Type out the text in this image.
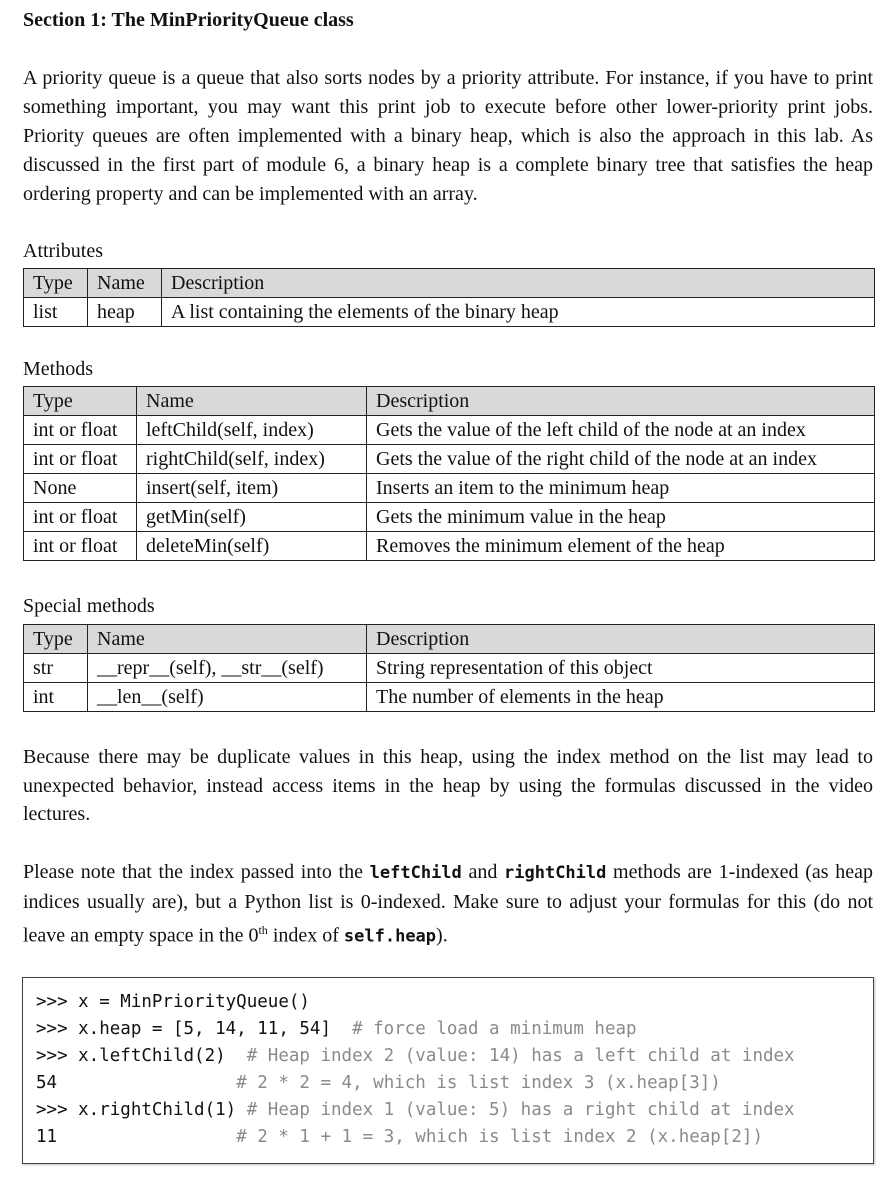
Section 1: The MinPriorityQueue class
A priority queue is a queue that also sorts nodes by a priority attribute. For instance, if you have to print something important, you may want this print job to execute before other lower-priority print jobs. Priority queues are often implemented with a binary heap, which is also the approach in this lab. As discussed in the first part of module 6, a binary heap is a complete binary tree that satisfies the heap ordering property and can be implemented with an array.
Attributes
Type	Name	Description
list	heap	A list containing the elements of the binary heap
Methods
Type	Name	Description
int or float	leftChild(self, index)	Gets the value of the left child of the node at an index
int or float	rightChild(self, index)	Gets the value of the right child of the node at an index
None	insert(self, item)	Inserts an item to the minimum heap
int or float	getMin(self)	Gets the minimum value in the heap
int or float	deleteMin(self)	Removes the minimum element of the heap
Special methods
Type	Name	Description
str	__repr__(self), __str__(self)	String representation of this object
int	__len__(self)	The number of elements in the heap
Because there may be duplicate values in this heap, using the index method on the list may lead to unexpected behavior, instead access items in the heap by using the formulas discussed in the video lectures.
Please note that the index passed into the leftChild and rightChild methods are 1-indexed (as heap indices usually are), but a Python list is 0-indexed. Make sure to adjust your formulas for this (do not leave an empty space in the 0th index of self.heap).
>>> x = MinPriorityQueue()
>>> x.heap = [5, 14, 11, 54]  # force load a minimum heap
>>> x.leftChild(2)  # Heap index 2 (value: 14) has a left child at index
54                 # 2 * 2 = 4, which is list index 3 (x.heap[3])
>>> x.rightChild(1) # Heap index 1 (value: 5) has a right child at index
11                 # 2 * 1 + 1 = 3, which is list index 2 (x.heap[2])
